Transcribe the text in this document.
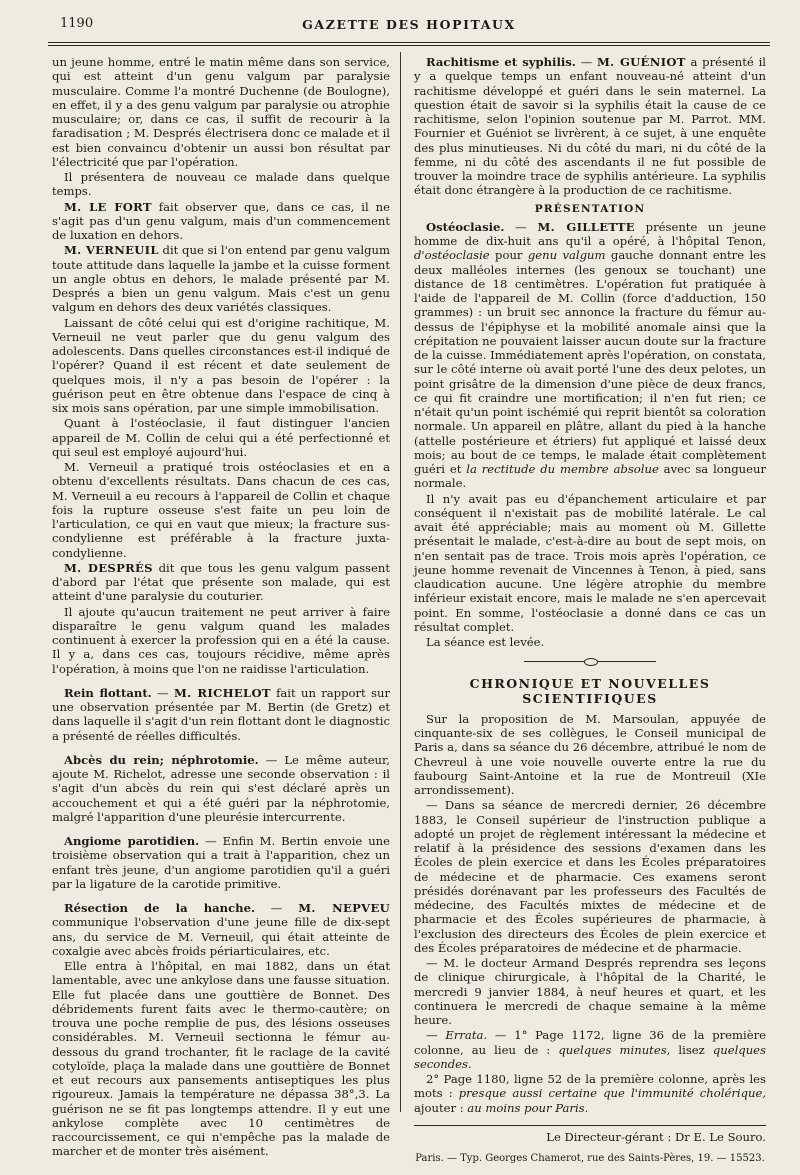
1190	GAZETTE DES HOPITAUX

un jeune homme, entré le matin même dans son service, qui est atteint d'un genu valgum par paralysie musculaire. Comme l'a montré Duchenne (de Boulogne), en effet, il y a des genu valgum par paralysie ou atrophie musculaire; or, dans ce cas, il suffit de recourir à la faradisation ; M. Després électrisera donc ce malade et il est bien convaincu d'obtenir un aussi bon résultat par l'électricité que par l'opération.

Il présentera de nouveau ce malade dans quelque temps.

M. LE FORT fait observer que, dans ce cas, il ne s'agit pas d'un genu valgum, mais d'un commencement de luxation en dehors.

M. VERNEUIL dit que si l'on entend par genu valgum toute attitude dans laquelle la jambe et la cuisse forment un angle obtus en dehors, le malade présenté par M. Després a bien un genu valgum. Mais c'est un genu valgum en dehors des deux variétés classiques.

Laissant de côté celui qui est d'origine rachitique, M. Verneuil ne veut parler que du genu valgum des adolescents. Dans quelles circonstances est-il indiqué de l'opérer? Quand il est récent et date seulement de quelques mois, il n'y a pas besoin de l'opérer : la guérison peut en être obtenue dans l'espace de cinq à six mois sans opération, par une simple immobilisation.

Quant à l'ostéoclasie, il faut distinguer l'ancien appareil de M. Collin de celui qui a été perfectionné et qui seul est employé aujourd'hui.

M. Verneuil a pratiqué trois ostéoclasies et en a obtenu d'excellents résultats. Dans chacun de ces cas, M. Verneuil a eu recours à l'appareil de Collin et chaque fois la rupture osseuse s'est faite un peu loin de l'articulation, ce qui en vaut que mieux; la fracture sus-condylienne est préférable à la fracture juxta-condylienne.

M. DESPRÉS dit que tous les genu valgum passent d'abord par l'état que présente son malade, qui est atteint d'une paralysie du couturier.

Il ajoute qu'aucun traitement ne peut arriver à faire disparaître le genu valgum quand les malades continuent à exercer la profession qui en a été la cause. Il y a, dans ces cas, toujours récidive, même après l'opération, à moins que l'on ne raidisse l'articulation.

Rein flottant. — M. RICHELOT fait un rapport sur une observation présentée par M. Bertin (de Gretz) et dans laquelle il s'agit d'un rein flottant dont le diagnostic a présenté de réelles difficultés.

Abcès du rein; néphrotomie. — Le même auteur, ajoute M. Richelot, adresse une seconde observation : il s'agit d'un abcès du rein qui s'est déclaré après un accouchement et qui a été guéri par la néphrotomie, malgré l'apparition d'une pleurésie intercurrente.

Angiome parotidien. — Enfin M. Bertin envoie une troisième observation qui a trait à l'apparition, chez un enfant très jeune, d'un angiome parotidien qu'il a guéri par la ligature de la carotide primitive.

Résection de la hanche. — M. NEPVEU communique l'observation d'une jeune fille de dix-sept ans, du service de M. Verneuil, qui était atteinte de coxalgie avec abcès froids périarticulaires, etc.

Elle entra à l'hôpital, en mai 1882, dans un état lamentable, avec une ankylose dans une fausse situation. Elle fut placée dans une gouttière de Bonnet. Des débridements furent faits avec le thermo-cautère; on trouva une poche remplie de pus, des lésions osseuses considérables. M. Verneuil sectionna le fémur au-dessous du grand trochanter, fit le raclage de la cavité cotyloïde, plaça la malade dans une gouttière de Bonnet et eut recours aux pansements antiseptiques les plus rigoureux. Jamais la température ne dépassa 38°,3. La guérison ne se fit pas longtemps attendre. Il y eut une ankylose complète avec 10 centimètres de raccourcissement, ce qui n'empêche pas la malade de marcher et de monter très aisément.

Rachitisme et syphilis. — M. GUÉNIOT a présenté il y a quelque temps un enfant nouveau-né atteint d'un rachitisme développé et guéri dans le sein maternel. La question était de savoir si la syphilis était la cause de ce rachitisme, selon l'opinion soutenue par M. Parrot. MM. Fournier et Guéniot se livrèrent, à ce sujet, à une enquête des plus minutieuses. Ni du côté du mari, ni du côté de la femme, ni du côté des ascendants il ne fut possible de trouver la moindre trace de syphilis antérieure. La syphilis était donc étrangère à la production de ce rachitisme.

PRÉSENTATION

Ostéoclasie. — M. GILLETTE présente un jeune homme de dix-huit ans qu'il a opéré, à l'hôpital Tenon, d'ostéoclasie pour genu valgum gauche donnant entre les deux malléoles internes (les genoux se touchant) une distance de 18 centimètres. L'opération fut pratiquée à l'aide de l'appareil de M. Collin (force d'adduction, 150 grammes) : un bruit sec annonce la fracture du fémur au-dessus de l'épiphyse et la mobilité anomale ainsi que la crépitation ne pouvaient laisser aucun doute sur la fracture de la cuisse. Immédiatement après l'opération, on constata, sur le côté interne où avait porté l'une des deux pelotes, un point grisâtre de la dimension d'une pièce de deux francs, ce qui fit craindre une mortification; il n'en fut rien; ce n'était qu'un point ischémié qui reprit bientôt sa coloration normale. Un appareil en plâtre, allant du pied à la hanche (attelle postérieure et étriers) fut appliqué et laissé deux mois; au bout de ce temps, le malade était complètement guéri et la rectitude du membre absolue avec sa longueur normale.

Il n'y avait pas eu d'épanchement articulaire et par conséquent il n'existait pas de mobilité latérale. Le cal avait été appréciable; mais au moment où M. Gillette présentait le malade, c'est-à-dire au bout de sept mois, on n'en sentait pas de trace. Trois mois après l'opération, ce jeune homme revenait de Vincennes à Tenon, à pied, sans claudication aucune. Une légère atrophie du membre inférieur existait encore, mais le malade ne s'en apercevait point. En somme, l'ostéoclasie a donné dans ce cas un résultat complet.

La séance est levée.

CHRONIQUE ET NOUVELLES SCIENTIFIQUES

Sur la proposition de M. Marsoulan, appuyée de cinquante-six de ses collègues, le Conseil municipal de Paris a, dans sa séance du 26 décembre, attribué le nom de Chevreul à une voie nouvelle ouverte entre la rue du faubourg Saint-Antoine et la rue de Montreuil (XIe arrondissement).

— Dans sa séance de mercredi dernier, 26 décembre 1883, le Conseil supérieur de l'instruction publique a adopté un projet de règlement intéressant la médecine et relatif à la présidence des sessions d'examen dans les Écoles de plein exercice et dans les Écoles préparatoires de médecine et de pharmacie. Ces examens seront présidés dorénavant par les professeurs des Facultés de médecine, des Facultés mixtes de médecine et de pharmacie et des Écoles supérieures de pharmacie, à l'exclusion des directeurs des Écoles de plein exercice et des Écoles préparatoires de médecine et de pharmacie.

— M. le docteur Armand Després reprendra ses leçons de clinique chirurgicale, à l'hôpital de la Charité, le mercredi 9 janvier 1884, à neuf heures et quart, et les continuera le mercredi de chaque semaine à la même heure.

— Errata. — 1° Page 1172, ligne 36 de la première colonne, au lieu de : quelques minutes, lisez quelques secondes.

2° Page 1180, ligne 52 de la première colonne, après les mots : presque aussi certaine que l'immunité cholérique, ajouter : au moins pour Paris.

Le Directeur-gérant : Dr E. Le Souro.
Paris. — Typ. Georges Chamerot, rue des Saints-Pères, 19. — 15523.
